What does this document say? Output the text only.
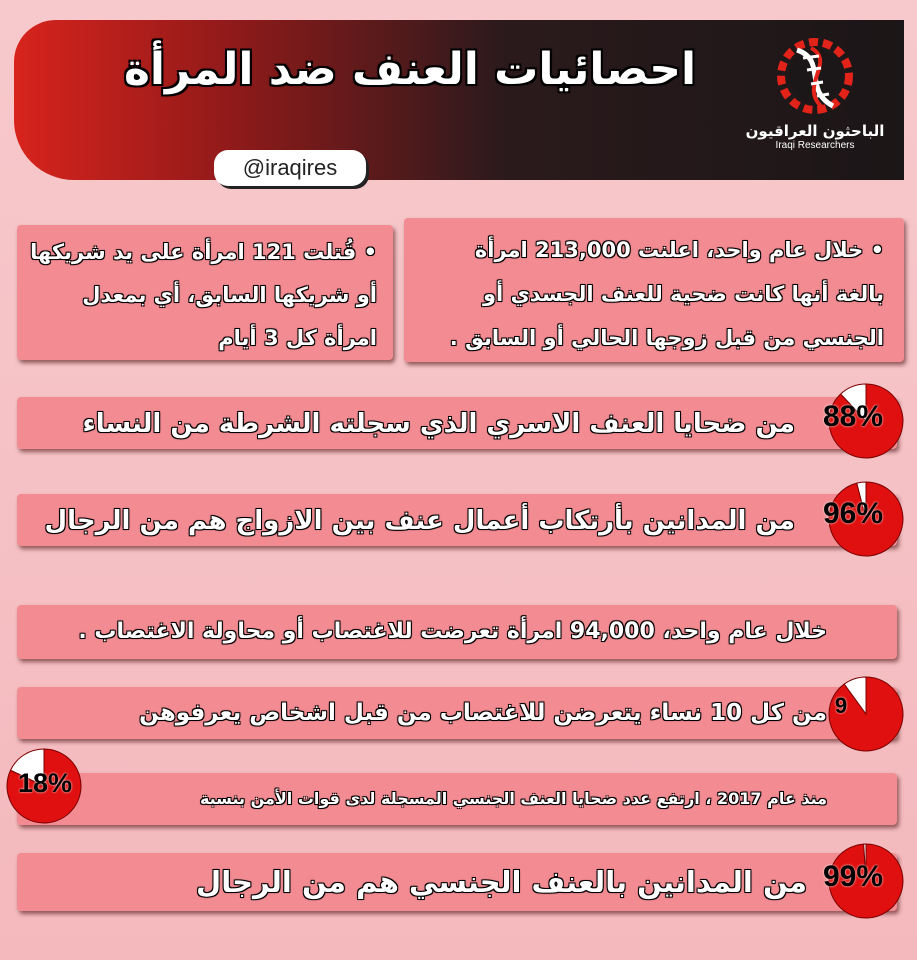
احصائيات العنف ضد المرأة
الباحثون العراقيون
Iraqi Researchers
@iraqires
• خلال عام واحد، اعلنت 213,000 امرأة بالغة أنها كانت ضحية للعنف الجسدي أو الجنسي من قبل زوجها الحالي أو السابق .
• قُتلت 121 امرأة على يد شريكها أو شريكها السابق، أي بمعدل امرأة كل 3 أيام
من ضحايا العنف الاسري الذي سجلته الشرطة من النساء
من المدانين بأرتكاب أعمال عنف بين الازواج هم من الرجال
خلال عام واحد، 94,000 امرأة تعرضت للاغتصاب أو محاولة الاغتصاب .
من كل 10 نساء يتعرضن للاغتصاب من قبل اشخاص يعرفوهن
منذ عام 2017 ، ارتفع عدد ضحايا العنف الجنسي المسجلة لدى قوات الأمن بنسبة
من المدانين بالعنف الجنسي هم من الرجال
88%
96%
9
18%
99%
